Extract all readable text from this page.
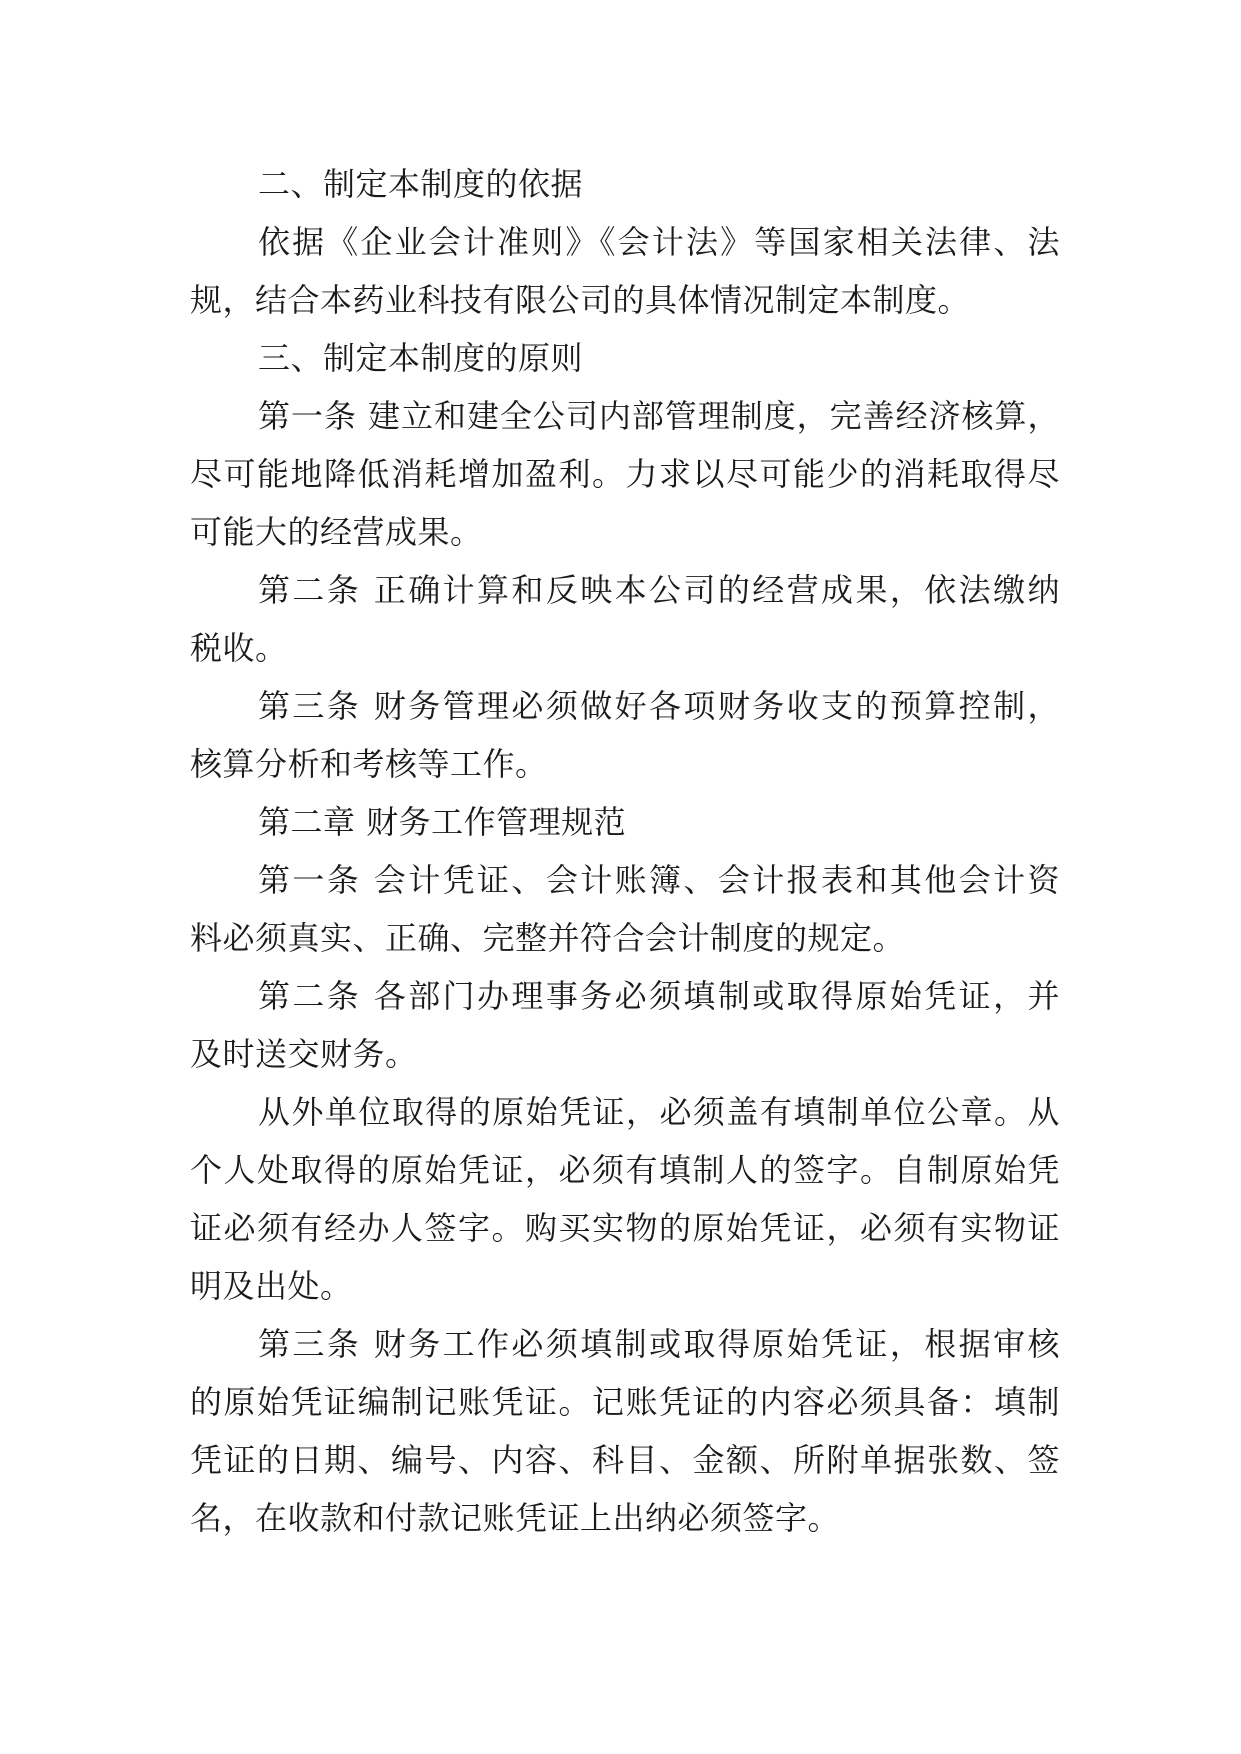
二、制定本制度的依据

依据《企业会计准则》《会计法》等国家相关法律、法

规，结合本药业科技有限公司的具体情况制定本制度。

三、制定本制度的原则

第一条 建立和建全公司内部管理制度，完善经济核算，

尽可能地降低消耗增加盈利。力求以尽可能少的消耗取得尽

可能大的经营成果。

第二条 正确计算和反映本公司的经营成果，依法缴纳

税收。

第三条 财务管理必须做好各项财务收支的预算控制，

核算分析和考核等工作。

第二章 财务工作管理规范

第一条 会计凭证、会计账簿、会计报表和其他会计资

料必须真实、正确、完整并符合会计制度的规定。

第二条 各部门办理事务必须填制或取得原始凭证，并

及时送交财务。

从外单位取得的原始凭证，必须盖有填制单位公章。从

个人处取得的原始凭证，必须有填制人的签字。自制原始凭

证必须有经办人签字。购买实物的原始凭证，必须有实物证

明及出处。

第三条 财务工作必须填制或取得原始凭证，根据审核

的原始凭证编制记账凭证。记账凭证的内容必须具备：填制

凭证的日期、编号、内容、科目、金额、所附单据张数、签

名，在收款和付款记账凭证上出纳必须签字。
